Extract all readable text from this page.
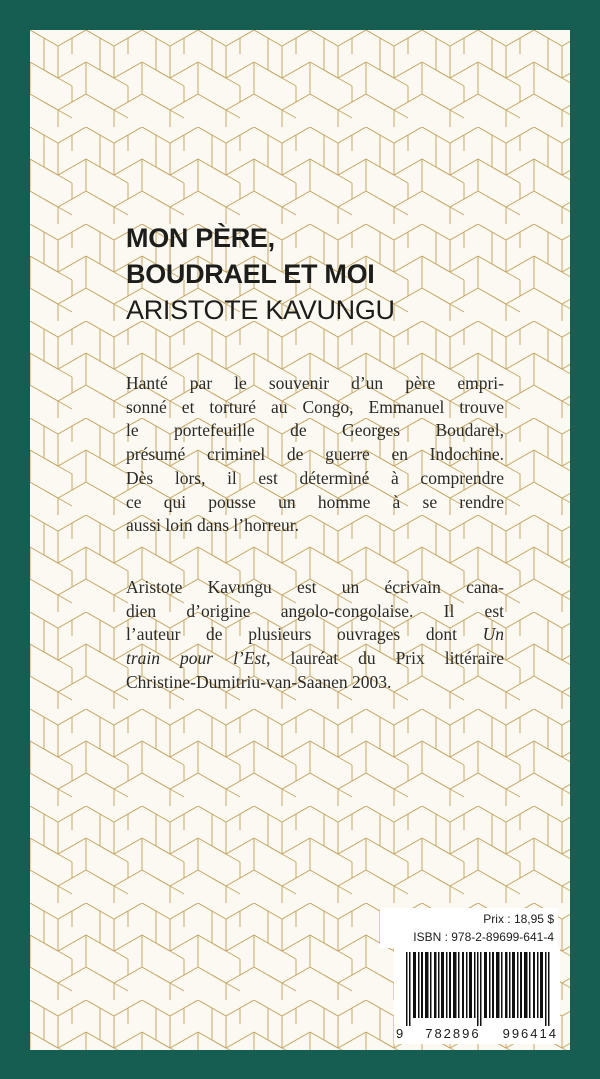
MON PÈRE,
BOUDRAEL ET MOI
ARISTOTE KAVUNGU
Hanté par le souvenir d’un père empri-
sonné et torturé au Congo, Emmanuel trouve
le portefeuille de Georges Boudarel,
présumé criminel de guerre en Indochine.
Dès lors, il est déterminé à comprendre
ce qui pousse un homme à se rendre
aussi loin dans l’horreur.
Aristote Kavungu est un écrivain cana-
dien d’origine angolo-congolaise. Il est
l’auteur de plusieurs ouvrages dont Un
train pour l’Est, lauréat du Prix littéraire
Christine-Dumitriu-van-Saanen 2003.
Prix : 18,95 $
ISBN : 978-2-89699-641-4
9 782896 996414
